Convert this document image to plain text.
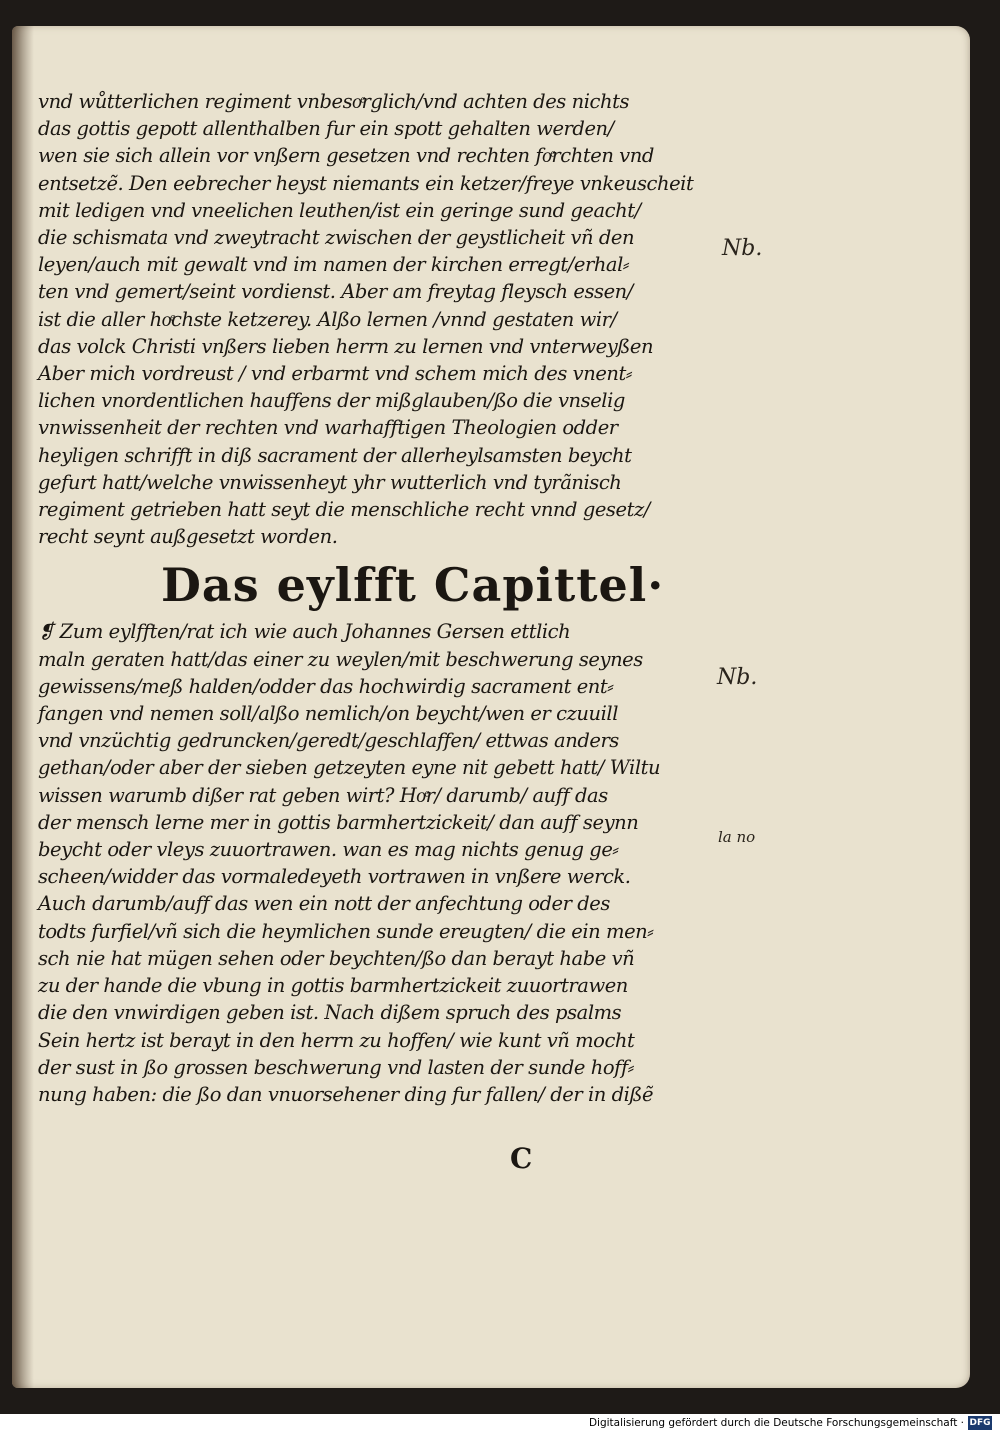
vnd wůtterlichen regiment vnbesoͤrglich/vnd achten des nichts
das gottis gepott allenthalben fur ein spott gehalten werden/
wen sie sich allein vor vnßern gesetzen vnd rechten foͤrchten vnd
entsetzẽ. Den eebrecher heyst niemants ein ketzer/freye vnkeuscheit
mit ledigen vnd vneelichen leuthen/ist ein geringe sund geacht/
die schismata vnd zweytracht zwischen der geystlicheit vñ den
leyen/auch mit gewalt vnd im namen der kirchen erregt/erhal⸗
ten vnd gemert/seint vordienst. Aber am freytag fleysch essen/
ist die aller hoͤchste ketzerey. Alßo lernen /vnnd gestaten wir/
das volck Christi vnßers lieben herrn zu lernen vnd vnterweyßen
Aber mich vordreust / vnd erbarmt vnd schem mich des vnent⸗
lichen vnordentlichen hauffens der mißglauben/ßo die vnselig
vnwissenheit der rechten vnd warhafftigen Theologien odder
heyligen schrifft in diß sacrament der allerheylsamsten beycht
gefurt hatt/welche vnwissenheyt yhr wutterlich vnd tyrãnisch
regiment getrieben hatt seyt die menschliche recht vnnd gesetz/
recht seynt außgesetzt worden.
Das eylfft Capittel·
❡ Zum eylfften/rat ich wie auch Johannes Gersen ettlich
maln geraten hatt/das einer zu weylen/mit beschwerung seynes
gewissens/meß halden/odder das hochwirdig sacrament ent⸗
fangen vnd nemen soll/alßo nemlich/on beycht/wen er czuuill
vnd vnzüchtig gedruncken/geredt/geschlaffen/ ettwas anders
gethan/oder aber der sieben getzeyten eyne nit gebett hatt/ Wiltu
wissen warumb dißer rat geben wirt? Hoͤr/ darumb/ auff das
der mensch lerne mer in gottis barmhertzickeit/ dan auff seynn
beycht oder vleys zuuortrawen. wan es mag nichts genug ge⸗
scheen/widder das vormaledeyeth vortrawen in vnßere werck.
Auch darumb/auff das wen ein nott der anfechtung oder des
todts furfiel/vñ sich die heymlichen sunde ereugten/ die ein men⸗
sch nie hat mügen sehen oder beychten/ßo dan berayt habe vñ
zu der hande die vbung in gottis barmhertzickeit zuuortrawen
die den vnwirdigen geben ist. Nach dißem spruch des psalms
Sein hertz ist berayt in den herrn zu hoffen/ wie kunt vñ mocht
der sust in ßo grossen beschwerung vnd lasten der sunde hoff⸗
nung haben: die ßo dan vnuorsehener ding fur fallen/ der in dißẽ
Nb.
Nb.
la no
C
Digitalisierung gefördert durch die Deutsche Forschungsgemeinschaft · DFG
